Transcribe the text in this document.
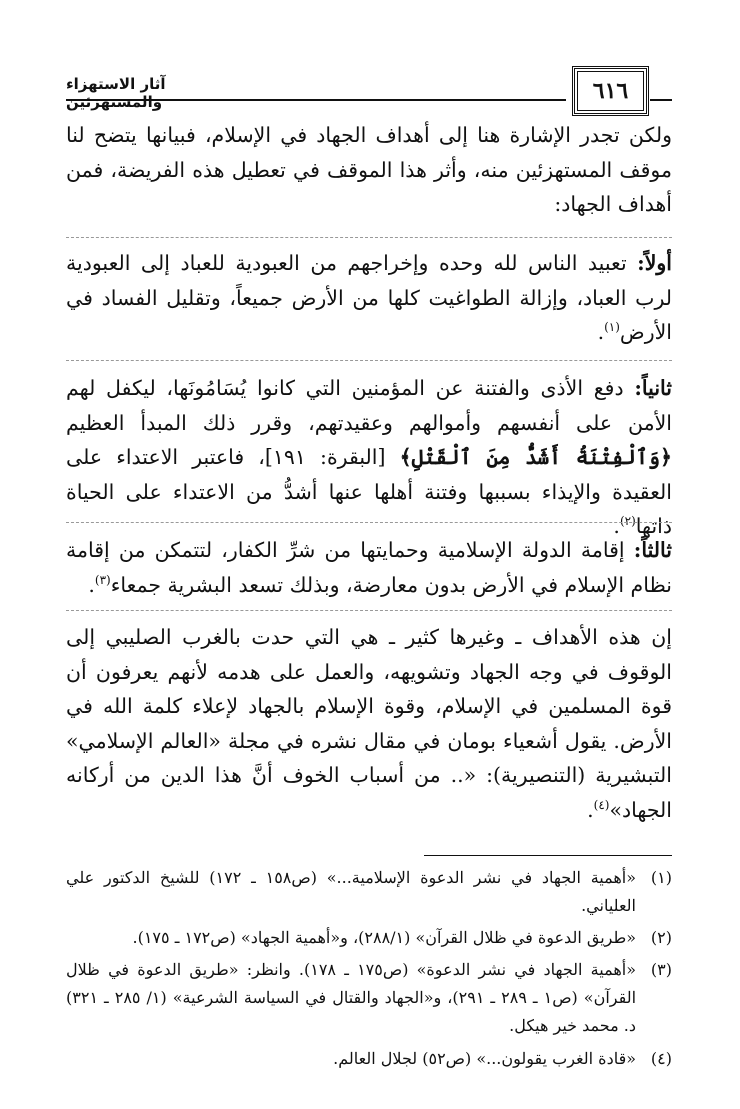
٦١٦
آثار الاستهزاء والمستهزئين

ولكن تجدر الإشارة هنا إلى أهداف الجهاد في الإسلام، فبيانها يتضح لنا موقف المستهزئين منه، وأثر هذا الموقف في تعطيل هذه الفريضة، فمن أهداف الجهاد:

أولاً: تعبيد الناس لله وحده وإخراجهم من العبودية للعباد إلى العبودية لرب العباد، وإزالة الطواغيت كلها من الأرض جميعاً، وتقليل الفساد في الأرض$^{(١)}$.

ثانياً: دفع الأذى والفتنة عن المؤمنين التي كانوا يُسَامُونَها، ليكفل لهم الأمن على أنفسهم وأموالهم وعقيدتهم، وقرر ذلك المبدأ العظيم ﴿وَٱلْفِتْنَةُ أَشَدُّ مِنَ ٱلْقَتْلِ﴾ [البقرة: ١٩١]، فاعتبر الاعتداء على العقيدة والإيذاء بسببها وفتنة أهلها عنها أشدُّ من الاعتداء على الحياة ذاتها$^{(٢)}$.

ثالثاً: إقامة الدولة الإسلامية وحمايتها من شرِّ الكفار، لتتمكن من إقامة نظام الإسلام في الأرض بدون معارضة، وبذلك تسعد البشرية جمعاء$^{(٣)}$.

إن هذه الأهداف ـ وغيرها كثير ـ هي التي حدت بالغرب الصليبي إلى الوقوف في وجه الجهاد وتشويهه، والعمل على هدمه لأنهم يعرفون أن قوة المسلمين في الإسلام، وقوة الإسلام بالجهاد لإعلاء كلمة الله في الأرض. يقول أشعياء بومان في مقال نشره في مجلة «العالم الإسلامي» التبشيرية (التنصيرية): «.. من أسباب الخوف أنَّ هذا الدين من أركانه الجهاد»$^{(٤)}$.

(١)
«أهمية الجهاد في نشر الدعوة الإسلامية...» (ص١٥٨ ـ ١٧٢) للشيخ الدكتور علي العلياني.
(٢)
«طريق الدعوة في ظلال القرآن» (٢٨٨/١)، و«أهمية الجهاد» (ص١٧٢ ـ ١٧٥).
(٣)
«أهمية الجهاد في نشر الدعوة» (ص١٧٥ ـ ١٧٨). وانظر: «طريق الدعوة في ظلال القرآن» (ص١ ـ ٢٨٩ ـ ٢٩١)، و«الجهاد والقتال في السياسة الشرعية» (١/ ٢٨٥ ـ ٣٢١) د. محمد خير هيكل.
(٤)
«قادة الغرب يقولون...» (ص٥٢) لجلال العالم.
